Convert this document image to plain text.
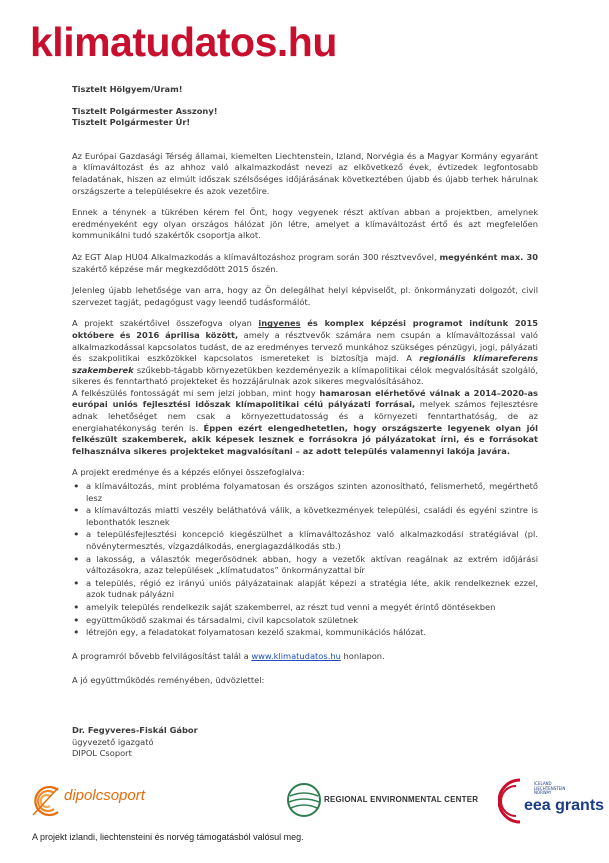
klimatudatos.hu

Tisztelt Hölgyem/Uram!

Tisztelt Polgármester Asszony!

Tisztelt Polgármester Úr!

Az Európai Gazdasági Térség államai, kiemelten Liechtenstein, Izland, Norvégia és a Magyar Kormány egyaránt a klímaváltozást és az ahhoz való alkalmazkodást nevezi az elkövetkező évek, évtizedek legfontosabb feladatának, hiszen az elmúlt időszak szélsőséges időjárásának következtében újabb és újabb terhek hárulnak országszerte a településekre és azok vezetőire.

Ennek a ténynek a tükrében kérem fel Önt, hogy vegyenek részt aktívan abban a projektben, amelynek eredményeként egy olyan országos hálózat jön létre, amelyet a klímaváltozást értő és azt megfelelően kommunikálni tudó szakértők csoportja alkot.

Az EGT Alap HU04 Alkalmazkodás a klímaváltozáshoz program során 300 résztvevővel, megyénként max. 30 szakértő képzése már megkezdődött 2015 őszén.

Jelenleg újabb lehetősége van arra, hogy az Ön delegálhat helyi képviselőt, pl. önkormányzati dolgozót, civil szervezet tagját, pedagógust vagy leendő tudásformálót.

A projekt szakértőivel összefogva olyan ingyenes és komplex képzési programot indítunk 2015 októbere és 2016 áprilisa között, amely a résztvevők számára nem csupán a klímaváltozással való alkalmazkodással kapcsolatos tudást, de az eredményes tervező munkához szükséges pénzügyi, jogi, pályázati és szakpolitikai eszközökkel kapcsolatos ismereteket is biztosítja majd. A regionális klímareferens szakemberek szűkebb-tágabb környezetükben kezdeményezik a klímapolitikai célok megvalósítását szolgáló, sikeres és fenntartható projekteket és hozzájárulnak azok sikeres megvalósításához.

A felkészülés fontosságát mi sem jelzi jobban, mint hogy hamarosan elérhetővé válnak a 2014–2020-as európai uniós fejlesztési időszak klímapolitikai célú pályázati forrásai, melyek számos fejlesztésre adnak lehetőséget nem csak a környezettudatosság és a környezeti fenntarthatóság, de az energiahatékonyság terén is. Éppen ezért elengedhetetlen, hogy országszerte legyenek olyan jól felkészült szakemberek, akik képesek lesznek e forrásokra jó pályázatokat írni, és e forrásokat felhasználva sikeres projekteket magvalósítani – az adott település valamennyi lakója javára.

A projekt eredménye és a képzés előnyei összefoglalva:

• a klímaváltozás, mint probléma folyamatosan és országos szinten azonosítható, felismerhető, megérthető lesz
• a klímaváltozás miatti veszély beláthatóvá válik, a következmények települési, családi és egyéni szintre is lebonthatók lesznek
• a településfejlesztési koncepció kiegészülhet a klímaváltozáshoz való alkalmazkodási stratégiával (pl. növénytermesztés, vízgazdálkodás, energiagazdálkodás stb.)
• a lakosság, a választók megerősödnek abban, hogy a vezetők aktívan reagálnak az extrém időjárási változásokra, azaz települések „klímatudatos” önkormányzattal bír
• a település, régió ez irányú uniós pályázatainak alapját képezi a stratégia léte, akik rendelkeznek ezzel, azok tudnak pályázni
• amelyik település rendelkezik saját szakemberrel, az részt tud venni a megyét érintő döntésekben
• együttműködő szakmai és társadalmi, civil kapcsolatok születnek
• létrejön egy, a feladatokat folyamatosan kezelő szakmai, kommunikációs hálózat.

A programról bővebb felvilágosítást talál a www.klimatudatos.hu honlapon.

A jó együttműködés reményében, üdvözlettel:

Dr. Fegyveres-Fiskál Gábor

ügyvezető igazgató

DIPOL Csoport

dipolcsoport	REGIONAL ENVIRONMENTAL CENTER
ICELAND LIECHTENSTEIN NORWAY
eea grants
A projekt izlandi, liechtensteini és norvég támogatásból valósul meg.
